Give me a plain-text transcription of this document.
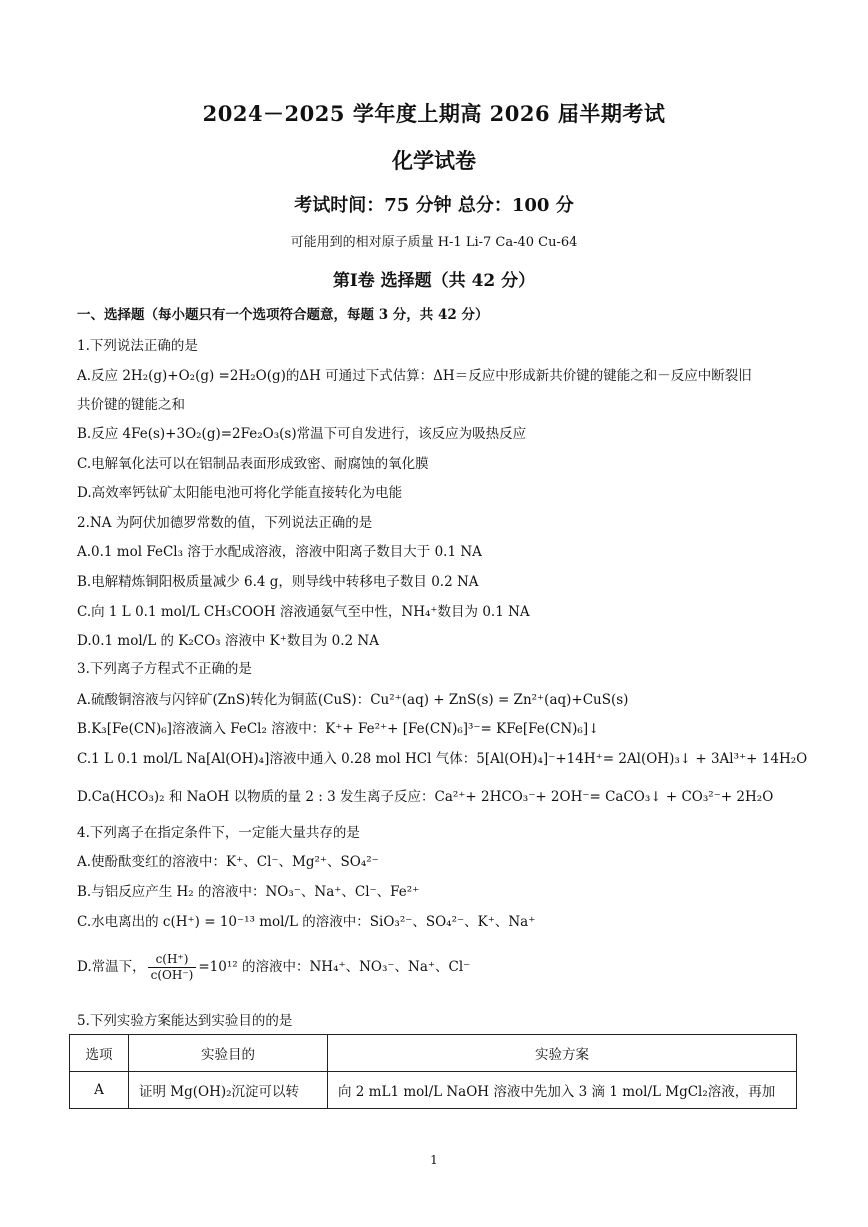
2024－2025 学年度上期高 2026 届半期考试
化学试卷
考试时间：75 分钟 总分：100 分
可能用到的相对原子质量 H-1 Li-7 Ca-40 Cu-64
第Ⅰ卷 选择题（共 42 分）
一、选择题（每小题只有一个选项符合题意，每题 3 分，共 42 分）
1.下列说法正确的是
A.反应 2H₂(g)+O₂(g) =2H₂O(g)的ΔH 可通过下式估算：ΔH＝反应中形成新共价键的键能之和－反应中断裂旧
共价键的键能之和
B.反应 4Fe(s)+3O₂(g)=2Fe₂O₃(s)常温下可自发进行，该反应为吸热反应
C.电解氧化法可以在铝制品表面形成致密、耐腐蚀的氧化膜
D.高效率钙钛矿太阳能电池可将化学能直接转化为电能
2.NA 为阿伏加德罗常数的值，下列说法正确的是
A.0.1 mol FeCl₃ 溶于水配成溶液，溶液中阳离子数目大于 0.1 NA
B.电解精炼铜阳极质量减少 6.4 g，则导线中转移电子数目 0.2 NA
C.向 1 L 0.1 mol/L CH₃COOH 溶液通氨气至中性，NH₄⁺数目为 0.1 NA
D.0.1 mol/L 的 K₂CO₃ 溶液中 K⁺数目为 0.2 NA
3.下列离子方程式不正确的是
A.硫酸铜溶液与闪锌矿(ZnS)转化为铜蓝(CuS)：Cu²⁺(aq) + ZnS(s) = Zn²⁺(aq)+CuS(s)
B.K₃[Fe(CN)₆]溶液滴入 FeCl₂ 溶液中：K⁺+ Fe²⁺+ [Fe(CN)₆]³⁻= KFe[Fe(CN)₆]↓
C.1 L 0.1 mol/L Na[Al(OH)₄]溶液中通入 0.28 mol HCl 气体：5[Al(OH)₄]⁻+14H⁺= 2Al(OH)₃↓ + 3Al³⁺+ 14H₂O
D.Ca(HCO₃)₂ 和 NaOH 以物质的量 2 : 3 发生离子反应：Ca²⁺+ 2HCO₃⁻+ 2OH⁻= CaCO₃↓ + CO₃²⁻+ 2H₂O
4.下列离子在指定条件下，一定能大量共存的是
A.使酚酞变红的溶液中：K⁺、Cl⁻、Mg²⁺、SO₄²⁻
B.与铝反应产生 H₂ 的溶液中：NO₃⁻、Na⁺、Cl⁻、Fe²⁺
C.水电离出的 c(H⁺) = 10⁻¹³ mol/L 的溶液中：SiO₃²⁻、SO₄²⁻、K⁺、Na⁺
D.常温下， $\frac{c(H^+)}{c(OH^-)} =10^{12}$ 的溶液中：NH₄⁺、NO₃⁻、Na⁺、Cl⁻
5.下列实验方案能达到实验目的的是
选项	实验目的	实验方案
A	证明 Mg(OH)₂沉淀可以转	向 2 mL1 mol/L NaOH 溶液中先加入 3 滴 1 mol/L MgCl₂溶液，再加
1
